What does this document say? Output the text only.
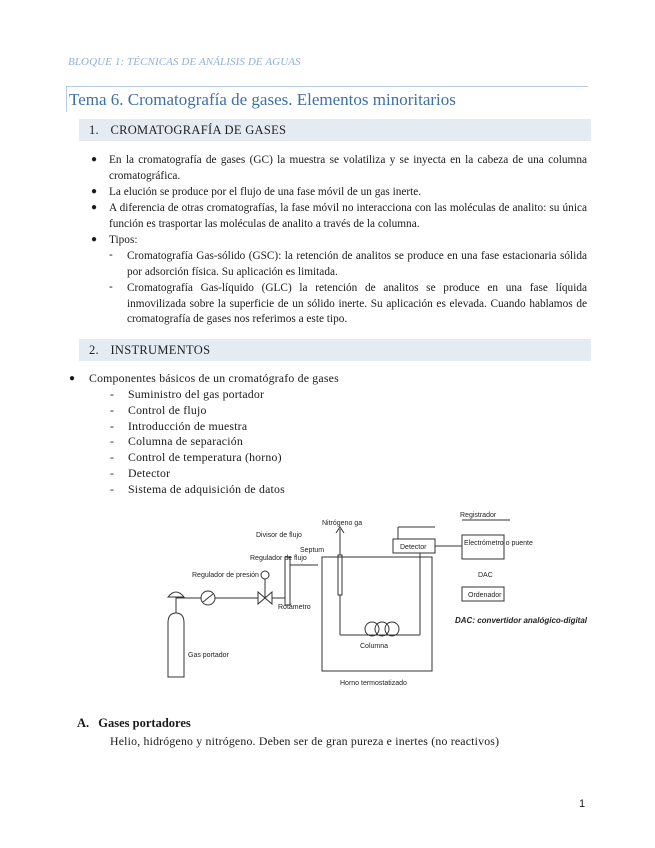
BLOQUE 1: TÉCNICAS DE ANÁLISIS DE AGUAS
Tema 6. Cromatografía de gases. Elementos minoritarios
1. CROMATOGRAFÍA DE GASES
● En la cromatografía de gases (GC) la muestra se volatiliza y se inyecta en la cabeza de una columna cromatográfica.
● La elución se produce por el flujo de una fase móvil de un gas inerte.
● A diferencia de otras cromatografías, la fase móvil no interacciona con las moléculas de analito: su única función es trasportar las moléculas de analito a través de la columna.
● Tipos:
- Cromatografía Gas-sólido (GSC): la retención de analitos se produce en una fase estacionaria sólida por adsorción física. Su aplicación es limitada.
- Cromatografía Gas-líquido (GLC) la retención de analitos se produce en una fase líquida inmovilizada sobre la superficie de un sólido inerte. Su aplicación es elevada. Cuando hablamos de cromatografía de gases nos referimos a este tipo.
2. INSTRUMENTOS
● Componentes básicos de un cromatógrafo de gases
- Suministro del gas portador
- Control de flujo
- Introducción de muestra
- Columna de separación
- Control de temperatura (horno)
- Detector
- Sistema de adquisición de datos
Registrador
Nitrógeno ga
Divisor de flujo
Septum
Regulador de flujo
Regulador de presión
Rotámetro
Detector
Electrómetro o puente
DAC
Ordenador
DAC: convertidor analógico-digital
Columna
Gas portador
Horno termostatizado
A. Gases portadores
Helio, hidrógeno y nitrógeno. Deben ser de gran pureza e inertes (no reactivos)
1
